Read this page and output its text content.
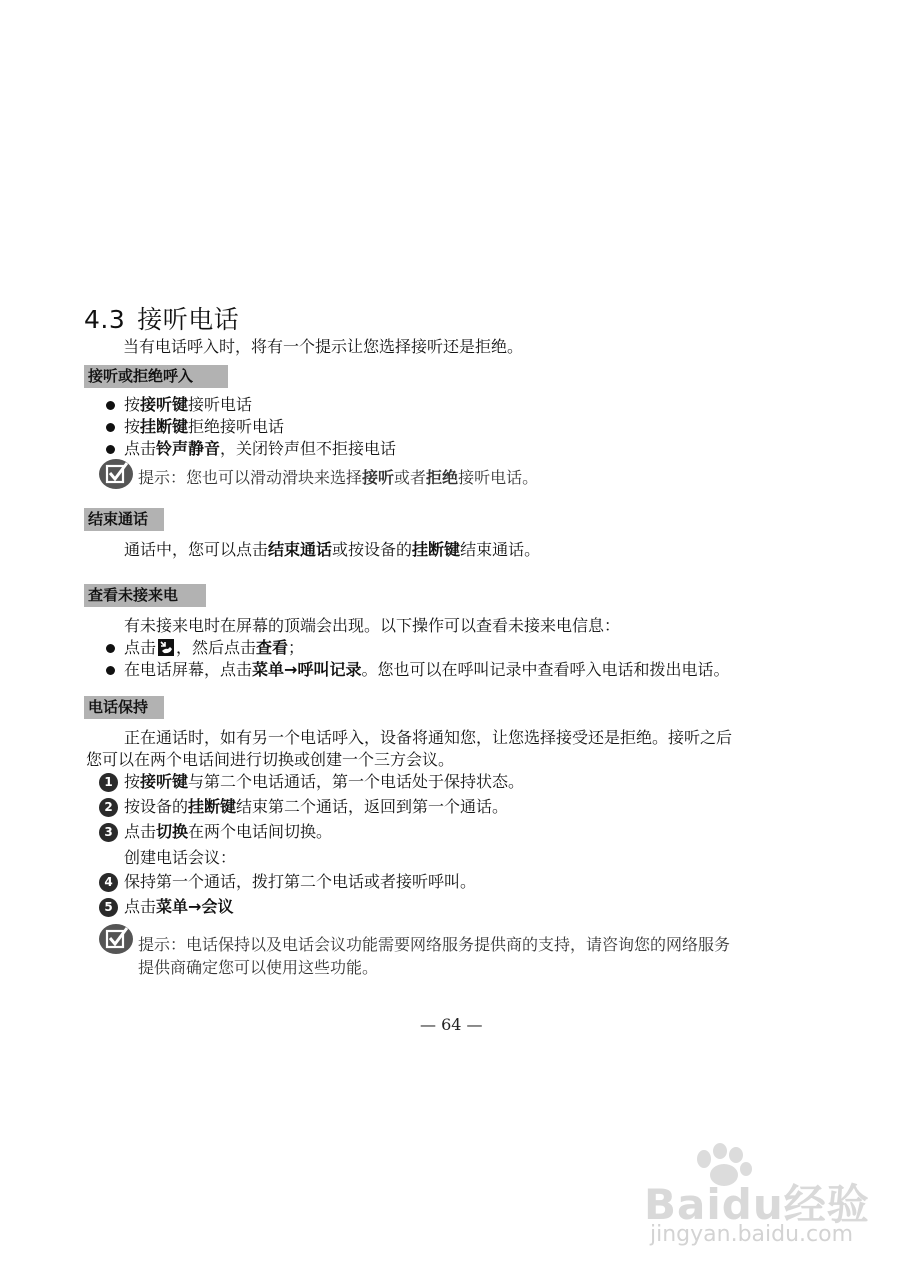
4.3 接听电话
当有电话呼入时，将有一个提示让您选择接听还是拒绝。
接听或拒绝呼入
按接听键接听电话
按挂断键拒绝接听电话
点击铃声静音，关闭铃声但不拒接电话
提示：您也可以滑动滑块来选择接听或者拒绝接听电话。
结束通话
通话中，您可以点击结束通话或按设备的挂断键结束通话。
查看未接来电
有未接来电时在屏幕的顶端会出现。以下操作可以查看未接来电信息：
点击 ，然后点击查看；
在电话屏幕，点击菜单→呼叫记录。您也可以在呼叫记录中查看呼入电话和拨出电话。
电话保持
正在通话时，如有另一个电话呼入，设备将通知您，让您选择接受还是拒绝。接听之后
您可以在两个电话间进行切换或创建一个三方会议。
1 按接听键与第二个电话通话，第一个电话处于保持状态。
2 按设备的挂断键结束第二个通话，返回到第一个通话。
3 点击切换在两个电话间切换。
创建电话会议：
4 保持第一个通话，拨打第二个电话或者接听呼叫。
5 点击菜单→会议
提示：电话保持以及电话会议功能需要网络服务提供商的支持，请咨询您的网络服务
提供商确定您可以使用这些功能。
— 64 —
Baidu经验
jingyan.baidu.com
